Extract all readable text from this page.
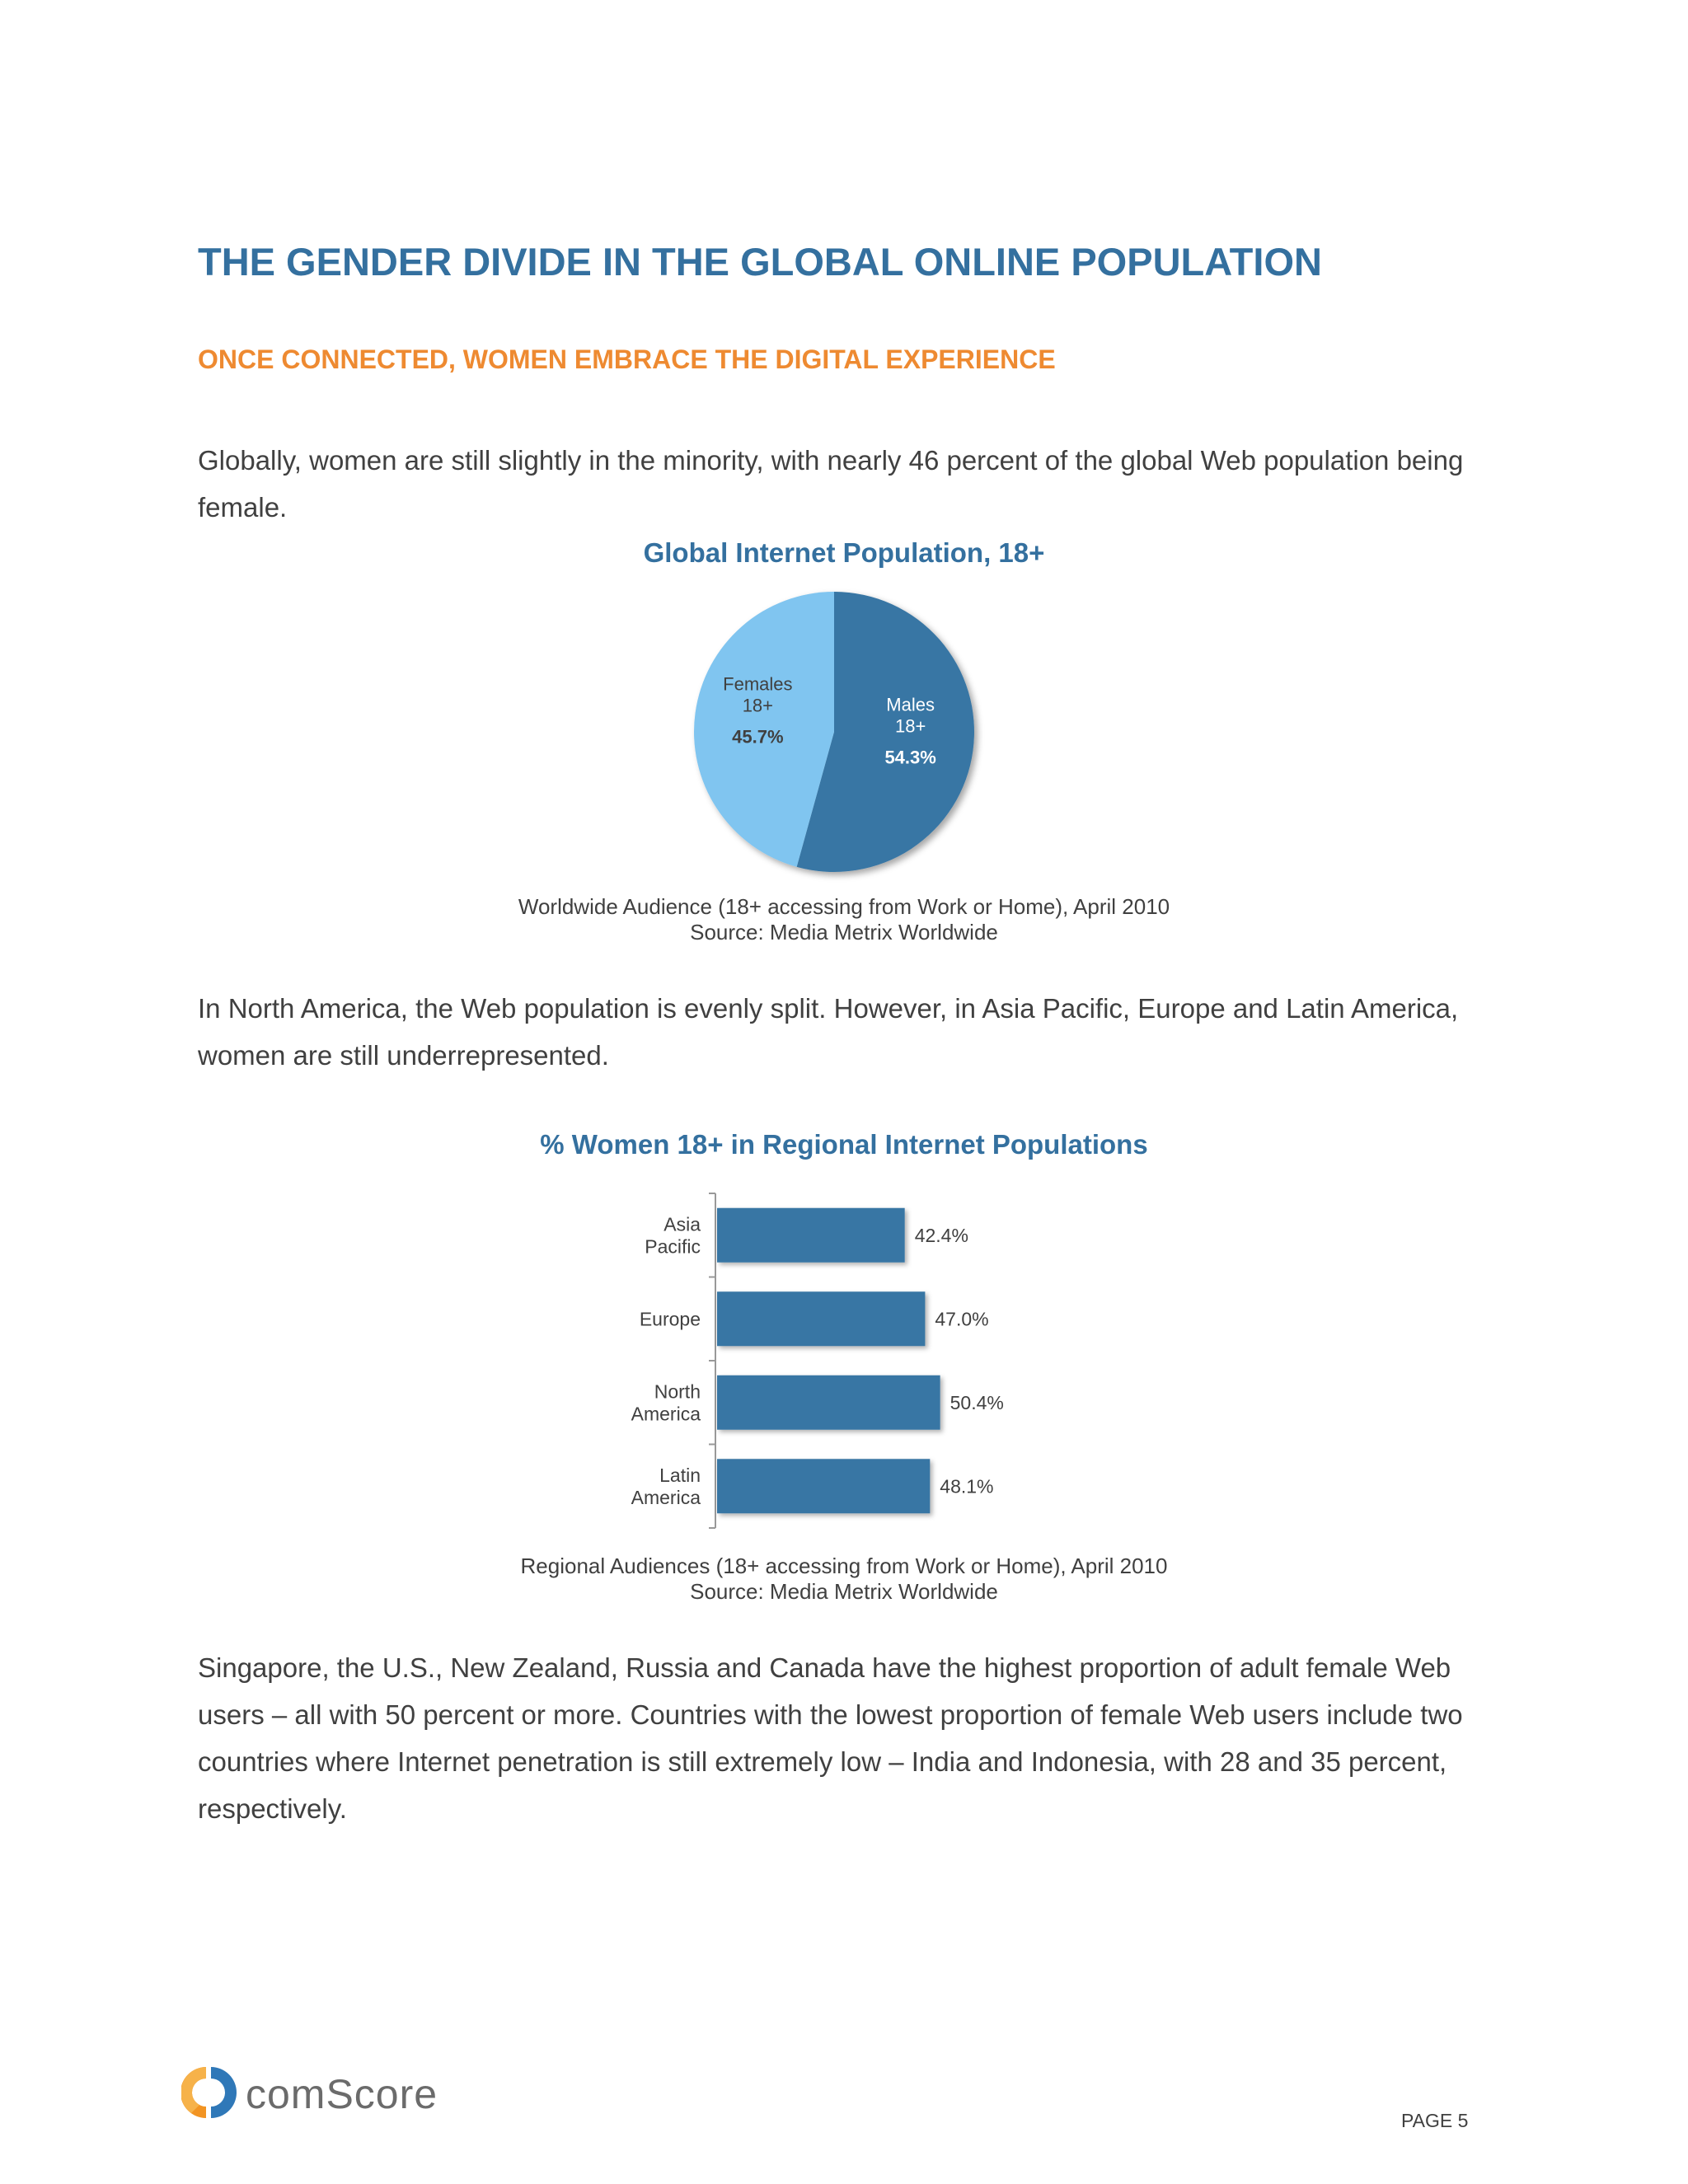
THE GENDER DIVIDE IN THE GLOBAL ONLINE POPULATION
ONCE CONNECTED, WOMEN EMBRACE THE DIGITAL EXPERIENCE
Globally, women are still slightly in the minority, with nearly 46 percent of the global Web population being female.
Global Internet Population, 18+
Males
18+
54.3%
Females
18+
45.7%
Worldwide Audience (18+ accessing from Work or Home), April 2010
Source: Media Metrix Worldwide
In North America, the Web population is evenly split. However, in Asia Pacific, Europe and Latin America, women are still underrepresented.
% Women 18+ in Regional Internet Populations
42.4%
Asia
Pacific
47.0%
Europe
50.4%
North
America
48.1%
Latin
America
Regional Audiences (18+ accessing from Work or Home), April 2010
Source: Media Metrix Worldwide
Singapore, the U.S., New Zealand, Russia and Canada have the highest proportion of adult female Web users – all with 50 percent or more. Countries with the lowest proportion of female Web users include two countries where Internet penetration is still extremely low – India and Indonesia, with 28 and 35 percent, respectively.
comScore
PAGE 5
